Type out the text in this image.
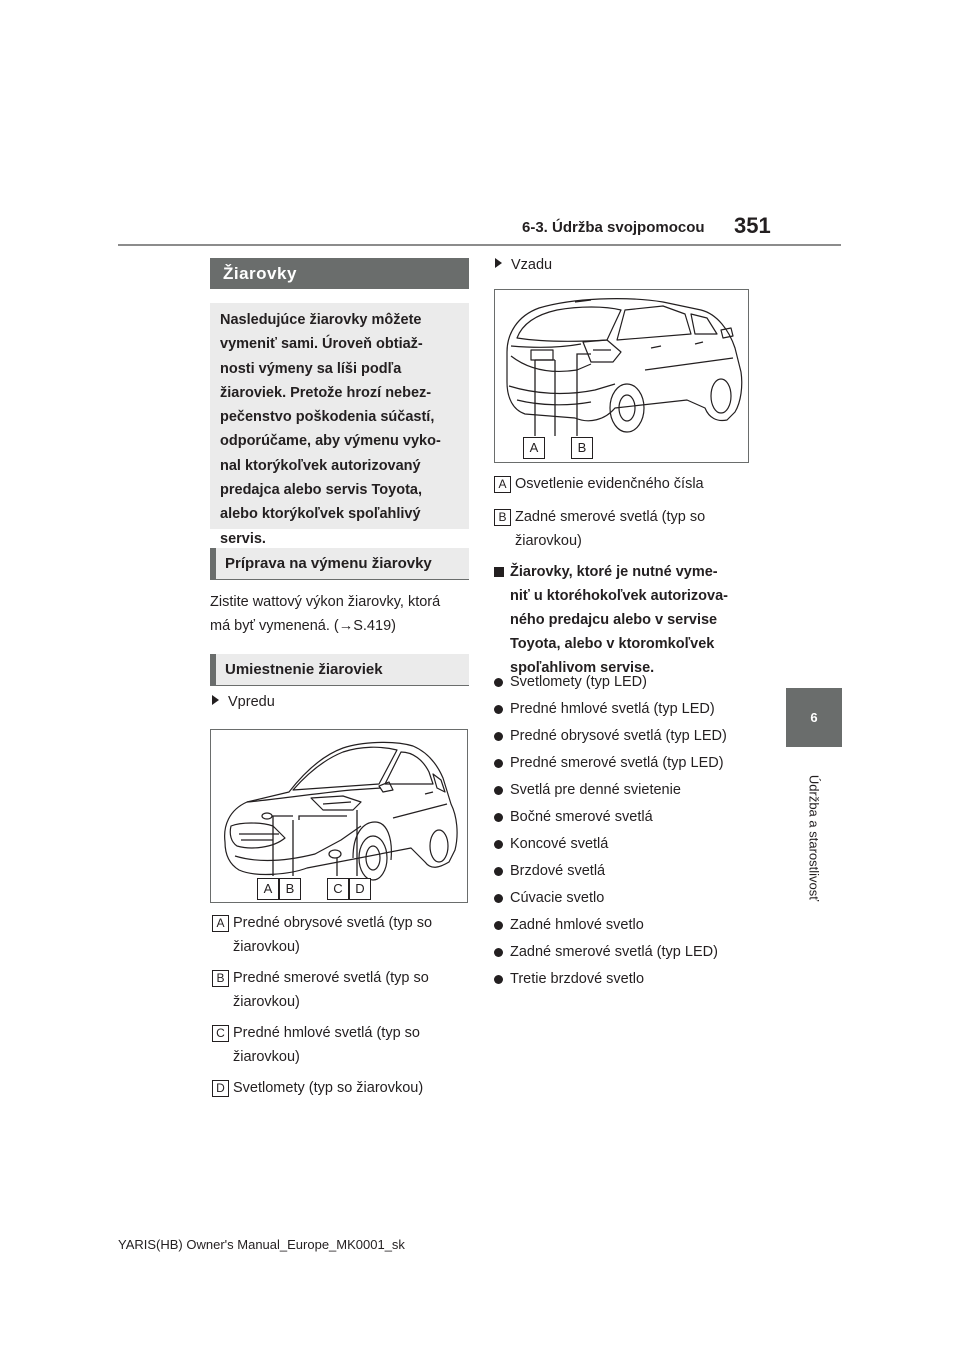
6-3. Údržba svojpomocou 351
6
Údržba a starostlivosť
Žiarovky
Nasledujúce žiarovky môžete
vymeniť sami. Úroveň obtiaž-
nosti výmeny sa líši podľa
žiaroviek. Pretože hrozí nebez-
pečenstvo poškodenia súčastí,
odporúčame, aby výmenu vyko-
nal ktorýkoľvek autorizovaný
predajca alebo servis Toyota,
alebo ktorýkoľvek spoľahlivý
servis.
Príprava na výmenu žiarovky
Zistite wattový výkon žiarovky, ktorá
má byť vymenená. (→S.419)
Umiestnenie žiaroviek
Vpredu
A	B	C D
A Predné obrysové svetlá (typ so
žiarovkou)
B Predné smerové svetlá (typ so
žiarovkou)
C Predné hmlové svetlá (typ so
žiarovkou)
D Svetlomety (typ so žiarovkou)
Vzadu
A	B
A Osvetlenie evidenčného čísla
B Zadné smerové svetlá (typ so
žiarovkou)
Žiarovky, ktoré je nutné vyme-
niť u ktoréhokoľvek autorizova-
ného predajcu alebo v servise
Toyota, alebo v ktoromkoľvek
spoľahlivom servise.
Svetlomety (typ LED)
Predné hmlové svetlá (typ LED)
Predné obrysové svetlá (typ LED)
Predné smerové svetlá (typ LED)
Svetlá pre denné svietenie
Bočné smerové svetlá
Koncové svetlá
Brzdové svetlá
Cúvacie svetlo
Zadné hmlové svetlo
Zadné smerové svetlá (typ LED)
Tretie brzdové svetlo
YARIS(HB) Owner's Manual_Europe_MK0001_sk
